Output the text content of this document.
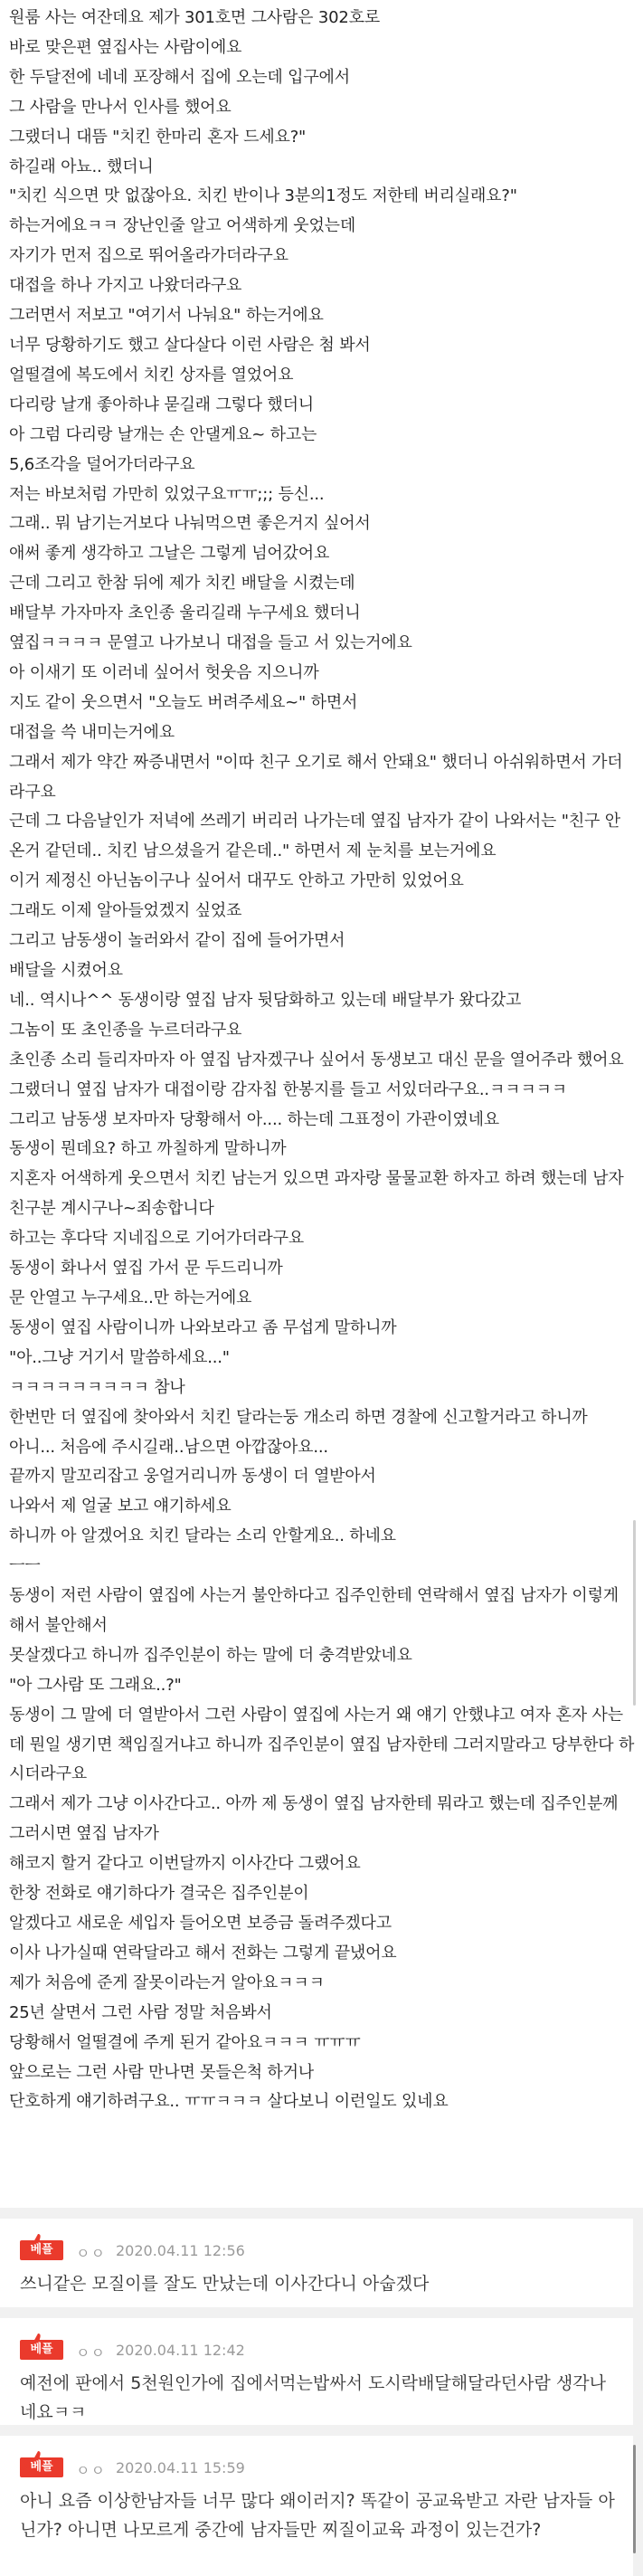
원룸 사는 여잔데요 제가 301호면 그사람은 302호로

바로 맞은편 옆집사는 사람이에요

한 두달전에 네네 포장해서 집에 오는데 입구에서

그 사람을 만나서 인사를 했어요

그랬더니 대뜸 "치킨 한마리 혼자 드세요?"

하길래 아뇨.. 했더니

"치킨 식으면 맛 없잖아요. 치킨 반이나 3분의1정도 저한테 버리실래요?"

하는거에요ㅋㅋ 장난인줄 알고 어색하게 웃었는데

자기가 먼저 집으로 뛰어올라가더라구요

대접을 하나 가지고 나왔더라구요

그러면서 저보고 "여기서 나눠요" 하는거에요

너무 당황하기도 했고 살다살다 이런 사람은 첨 봐서

얼떨결에 복도에서 치킨 상자를 열었어요

다리랑 날개 좋아하냐 묻길래 그렇다 했더니

아 그럼 다리랑 날개는 손 안댈게요~ 하고는

5,6조각을 덜어가더라구요

저는 바보처럼 가만히 있었구요ㅠㅠ;;; 등신...

그래.. 뭐 남기는거보다 나눠먹으면 좋은거지 싶어서

애써 좋게 생각하고 그날은 그렇게 넘어갔어요

근데 그리고 한참 뒤에 제가 치킨 배달을 시켰는데

배달부 가자마자 초인종 울리길래 누구세요 했더니

옆집ㅋㅋㅋㅋ 문열고 나가보니 대접을 들고 서 있는거에요

아 이새기 또 이러네 싶어서 헛웃음 지으니까

지도 같이 웃으면서 "오늘도 버려주세요~" 하면서

대접을 쓱 내미는거에요

그래서 제가 약간 짜증내면서 "이따 친구 오기로 해서 안돼요" 했더니 아쉬워하면서 가더라구요

근데 그 다음날인가 저녁에 쓰레기 버리러 나가는데 옆집 남자가 같이 나와서는 "친구 안온거 같던데.. 치킨 남으셨을거 같은데.." 하면서 제 눈치를 보는거에요

이거 제정신 아닌놈이구나 싶어서 대꾸도 안하고 가만히 있었어요

그래도 이제 알아들었겠지 싶었죠

그리고 남동생이 놀러와서 같이 집에 들어가면서

배달을 시켰어요

네.. 역시나^^ 동생이랑 옆집 남자 뒷담화하고 있는데 배달부가 왔다갔고

그놈이 또 초인종을 누르더라구요

초인종 소리 들리자마자 아 옆집 남자겠구나 싶어서 동생보고 대신 문을 열어주라 했어요

그랬더니 옆집 남자가 대접이랑 감자칩 한봉지를 들고 서있더라구요..ㅋㅋㅋㅋㅋ

그리고 남동생 보자마자 당황해서 아.... 하는데 그표정이 가관이였네요

동생이 뭔데요? 하고 까칠하게 말하니까

지혼자 어색하게 웃으면서 치킨 남는거 있으면 과자랑 물물교환 하자고 하려 했는데 남자친구분 계시구나~죄송합니다

하고는 후다닥 지네집으로 기어가더라구요

동생이 화나서 옆집 가서 문 두드리니까

문 안열고 누구세요..만 하는거에요

동생이 옆집 사람이니까 나와보라고 좀 무섭게 말하니까

"아..그냥 거기서 말씀하세요..."

ㅋㅋㅋㅋㅋㅋㅋㅋㅋ 참나

한번만 더 옆집에 찾아와서 치킨 달라는둥 개소리 하면 경찰에 신고할거라고 하니까

아니... 처음에 주시길래..남으면 아깝잖아요...

끝까지 말꼬리잡고 웅얼거리니까 동생이 더 열받아서

나와서 제 얼굴 보고 얘기하세요

하니까 아 알겠어요 치킨 달라는 소리 안할게요.. 하네요

ㅡㅡ

동생이 저런 사람이 옆집에 사는거 불안하다고 집주인한테 연락해서 옆집 남자가 이렇게 해서 불안해서

못살겠다고 하니까 집주인분이 하는 말에 더 충격받았네요

"아 그사람 또 그래요..?"

동생이 그 말에 더 열받아서 그런 사람이 옆집에 사는거 왜 얘기 안했냐고 여자 혼자 사는데 뭔일 생기면 책임질거냐고 하니까 집주인분이 옆집 남자한테 그러지말라고 당부한다 하시더라구요

그래서 제가 그냥 이사간다고.. 아까 제 동생이 옆집 남자한테 뭐라고 했는데 집주인분께 그러시면 옆집 남자가

해코지 할거 같다고 이번달까지 이사간다 그랬어요

한창 전화로 얘기하다가 결국은 집주인분이

알겠다고 새로운 세입자 들어오면 보증금 돌려주겠다고

이사 나가실때 연락달라고 해서 전화는 그렇게 끝냈어요

제가 처음에 준게 잘못이라는거 알아요ㅋㅋㅋ

25년 살면서 그런 사람 정말 처음봐서

당황해서 얼떨결에 주게 된거 같아요ㅋㅋㅋ ㅠㅠㅠ

앞으로는 그런 사람 만나면 못들은척 하거나

단호하게 얘기하려구요.. ㅠㅠㅋㅋㅋ 살다보니 이런일도 있네요

베플	ㅇㅇ 2020.04.11 12:56
쓰니같은 모질이를 잘도 만났는데 이사간다니 아숩겠다
베플	ㅇㅇ 2020.04.11 12:42
예전에 판에서 5천원인가에 집에서먹는밥싸서 도시락배달해달라던사람 생각나네요ㅋㅋ
베플	ㅇㅇ 2020.04.11 15:59
아니 요즘 이상한남자들 너무 많다 왜이러지? 똑같이 공교육받고 자란 남자들 아닌가? 아니면 나모르게 중간에 남자들만 찌질이교육 과정이 있는건가?
